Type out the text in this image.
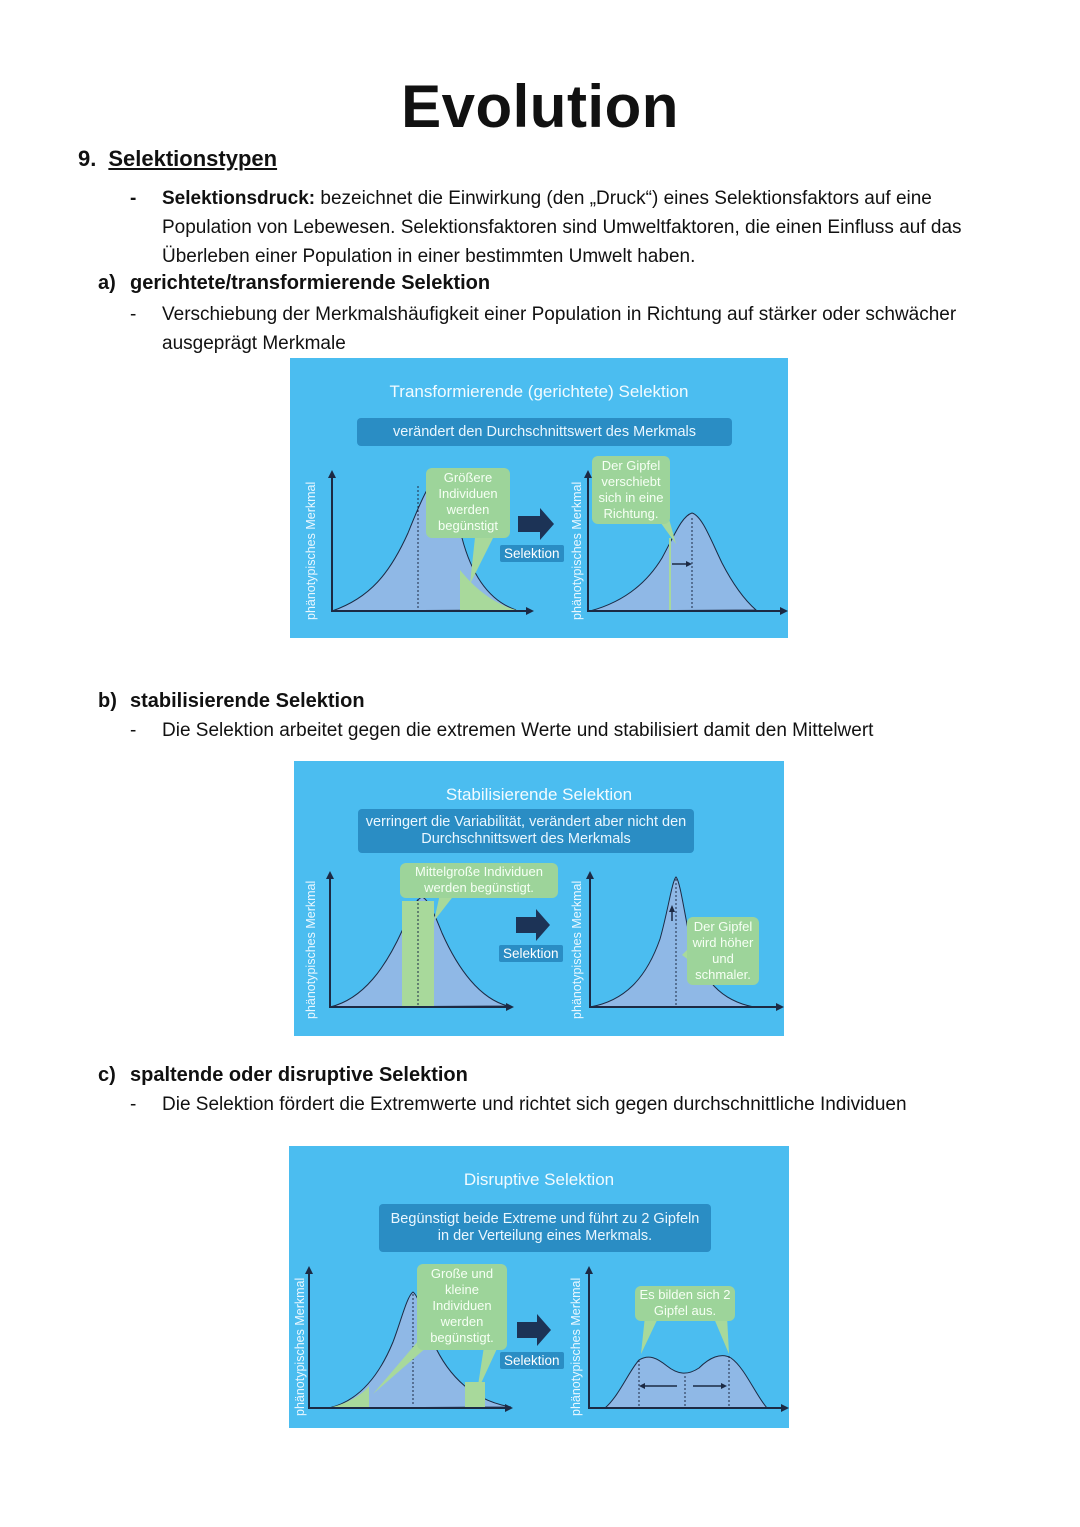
Evolution
9. Selektionstypen
-	Selektionsdruck: bezeichnet die Einwirkung (den „Druck“) eines Selektionsfaktors auf eine Population von Lebewesen. Selektionsfaktoren sind Umweltfaktoren, die einen Einfluss auf das Überleben einer Population in einer bestimmten Umwelt haben.
a) gerichtete/transformierende Selektion
-	Verschiebung der Merkmalshäufigkeit einer Population in Richtung auf stärker oder schwächer ausgeprägt Merkmale
Transformierende (gerichtete) Selektion
verändert den Durchschnittswert des Merkmals
Größere Individuen werden begünstigt
Der Gipfel verschiebt sich in eine Richtung.
Selektion
phänotypisches Merkmal	phänotypisches Merkmal
b) stabilisierende Selektion
-	Die Selektion arbeitet gegen die extremen Werte und stabilisiert damit den Mittelwert
Stabilisierende Selektion
verringert die Variabilität, verändert aber nicht den Durchschnittswert des Merkmals
Mittelgroße Individuen werden begünstigt.
Der Gipfel wird höher und schmaler.
Selektion
phänotypisches Merkmal	phänotypisches Merkmal
c) spaltende oder disruptive Selektion
-	Die Selektion fördert die Extremwerte und richtet sich gegen durchschnittliche Individuen
Disruptive Selektion
Begünstigt beide Extreme und führt zu 2 Gipfeln in der Verteilung eines Merkmals.
Große und kleine Individuen werden begünstigt.
Es bilden sich 2 Gipfel aus.
Selektion
phänotypisches Merkmal	phänotypisches Merkmal
